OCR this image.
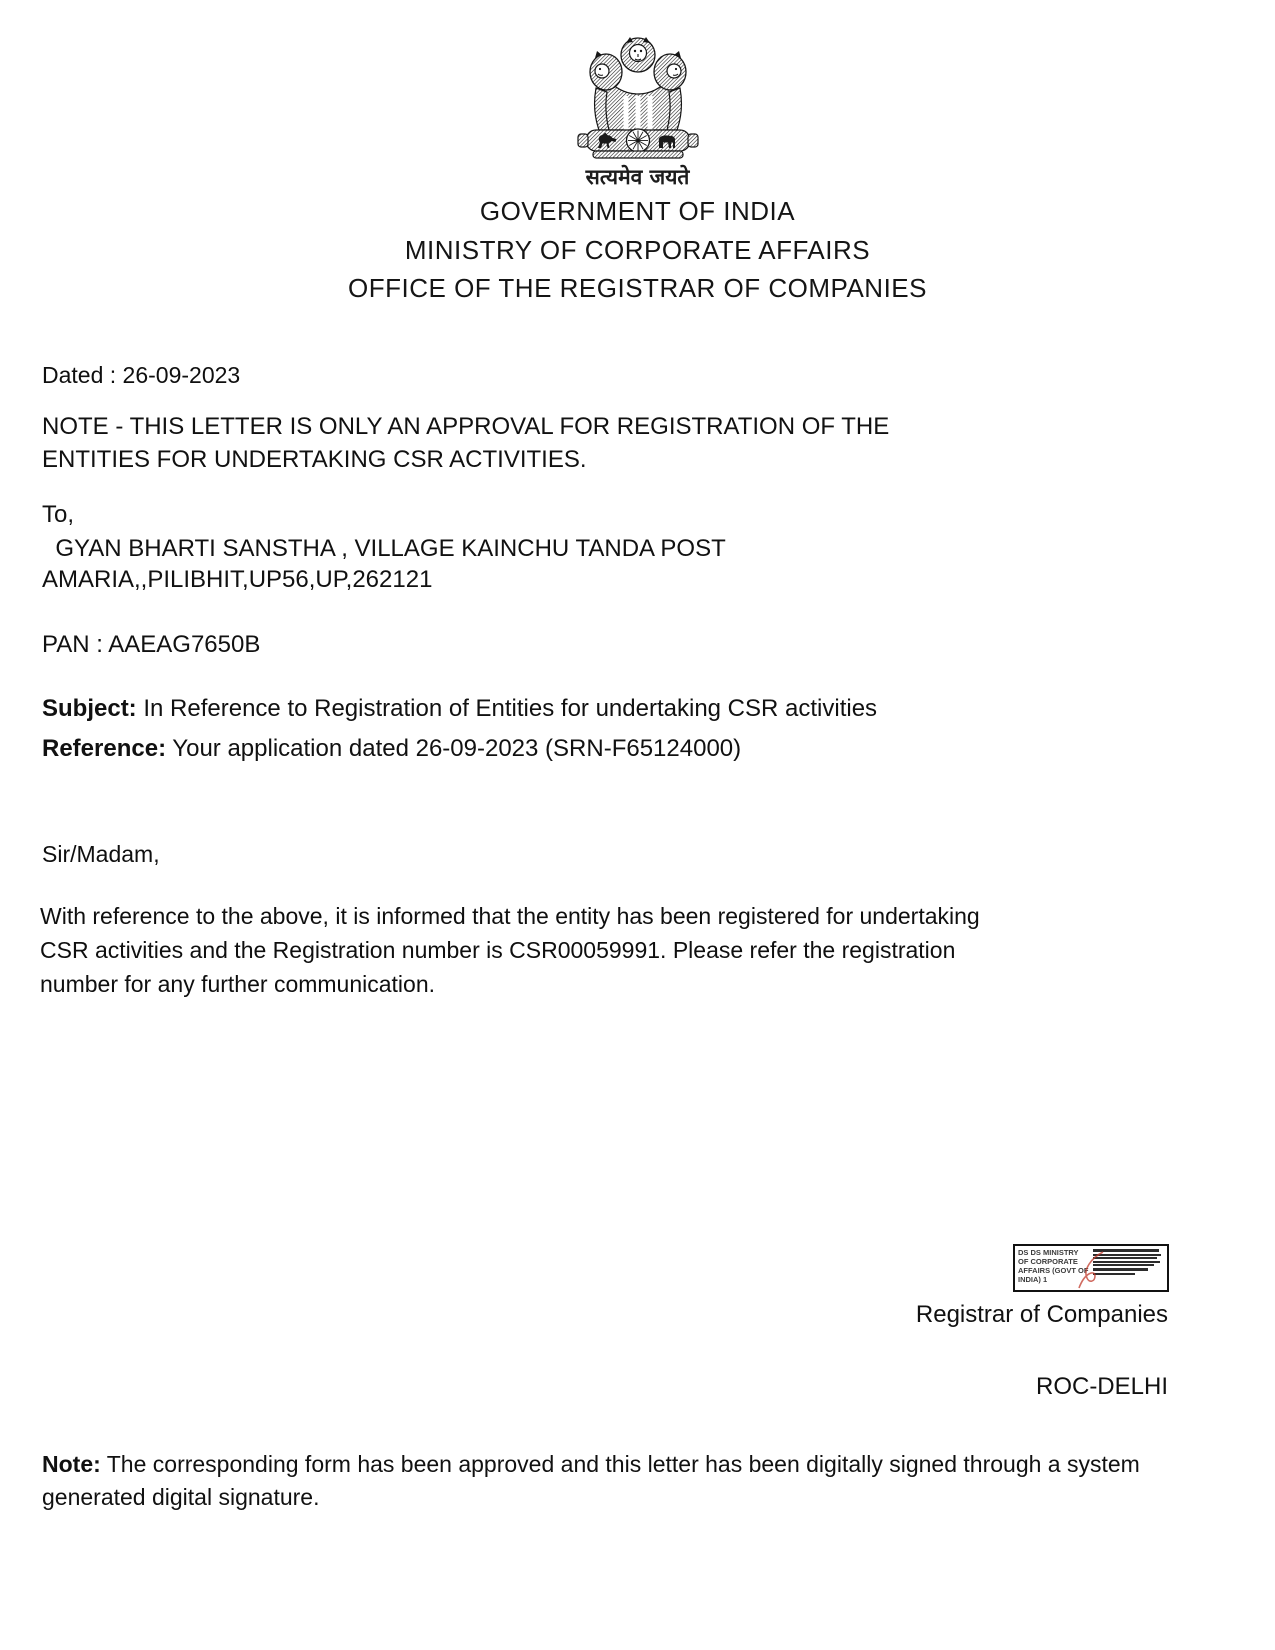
सत्यमेव जयते
GOVERNMENT OF INDIA
MINISTRY OF CORPORATE AFFAIRS
OFFICE OF THE REGISTRAR OF COMPANIES
Dated : 26-09-2023
NOTE - THIS LETTER IS ONLY AN APPROVAL FOR REGISTRATION OF THE
ENTITIES FOR UNDERTAKING CSR ACTIVITIES.
To,
GYAN BHARTI SANSTHA , VILLAGE KAINCHU TANDA POST
AMARIA,,PILIBHIT,UP56,UP,262121
PAN : AAEAG7650B
Subject: In Reference to Registration of Entities for undertaking CSR activities
Reference: Your application dated 26-09-2023 (SRN-F65124000)
Sir/Madam,
With reference to the above, it is informed that the entity has been registered for undertaking
CSR activities and the Registration number is CSR00059991. Please refer the registration
number for any further communication.
DS DS MINISTRY OF CORPORATE AFFAIRS (GOVT OF INDIA) 1
Registrar of Companies
ROC-DELHI
Note: The corresponding form has been approved and this letter has been digitally signed through a system generated digital signature.
